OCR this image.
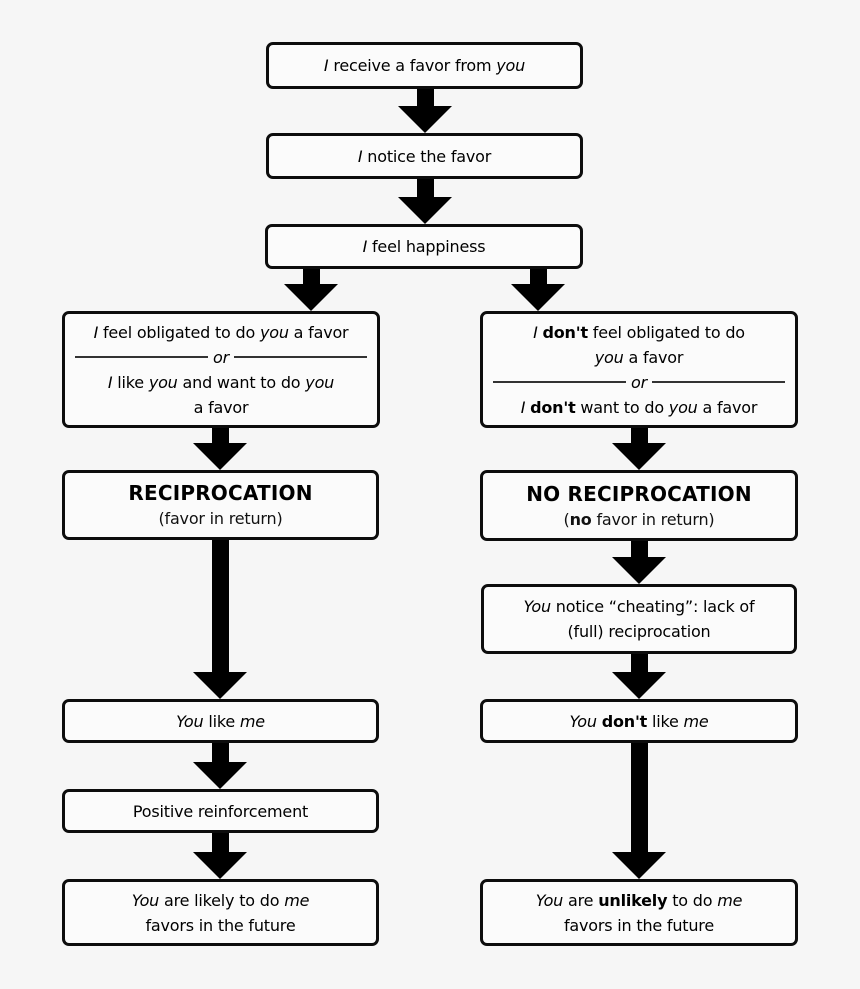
I receive a favor from you
I notice the favor
I feel happiness
I feel obligated to do you a favor
or
I like you and want to do you
a favor
I don't feel obligated to do
you a favor
or
I don't want to do you a favor
RECIPROCATION
(favor in return)
NO RECIPROCATION
(no favor in return)
You notice “cheating”: lack of
(full) reciprocation
You like me	You don't like me
Positive reinforcement
You are likely to do me
favors in the future
You are unlikely to do me
favors in the future
